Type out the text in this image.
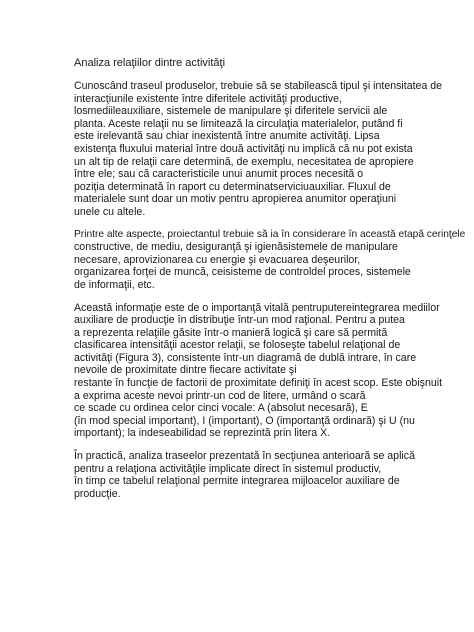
Analiza relaţiilor dintre activităţi
Cunoscând traseul produselor, trebuie să se stabilească tipul şi intensitatea de
interacţiunile existente între diferitele activităţi productive,
losmediileauxiliare, sistemele de manipulare şi diferitele servicii ale
planta. Aceste relaţii nu se limitează la circulaţia materialelor, putând fi
este irelevantă sau chiar inexistentă între anumite activităţi. Lipsa
existenţa fluxului material între două activităţi nu implică că nu pot exista
un alt tip de relaţii care determină, de exemplu, necesitatea de apropiere
între ele; sau că caracteristicile unui anumit proces necesită o
poziţia determinată în raport cu determinatserviciuauxiliar. Fluxul de
materialele sunt doar un motiv pentru apropierea anumitor operaţiuni
unele cu altele.
Printre alte aspecte, proiectantul trebuie să ia în considerare în această etapă cerinţele
constructive, de mediu, desiguranţă şi igienăsistemele de manipulare
necesare, aprovizionarea cu energie şi evacuarea deşeurilor,
organizarea forţei de muncă, ceisisteme de controldel proces, sistemele
de informaţii, etc.
Această informaţie este de o importanţă vitală pentruputereintegrarea mediilor
auxiliare de producţie în distribuţie într-un mod raţional. Pentru a putea
a reprezenta relaţiile găsite într-o manieră logică şi care să permită
clasificarea intensităţii acestor relaţii, se foloseşte tabelul relaţional de
activităţi (Figura 3), consistente într-un diagramă de dublă intrare, în care
nevoile de proximitate dintre fiecare activitate şi
restante în funcţie de factorii de proximitate definiţi în acest scop. Este obişnuit
a exprima aceste nevoi printr-un cod de litere, urmând o scară
ce scade cu ordinea celor cinci vocale: A (absolut necesară), E
(în mod special important), I (important), O (importanţă ordinară) şi U (nu
important); la indeseabilidad se reprezintă prin litera X.
În practică, analiza traseelor prezentată în secţiunea anterioară se aplică
pentru a relaţiona activităţile implicate direct în sistemul productiv,
în timp ce tabelul relaţional permite integrarea mijloacelor auxiliare de
producţie.
